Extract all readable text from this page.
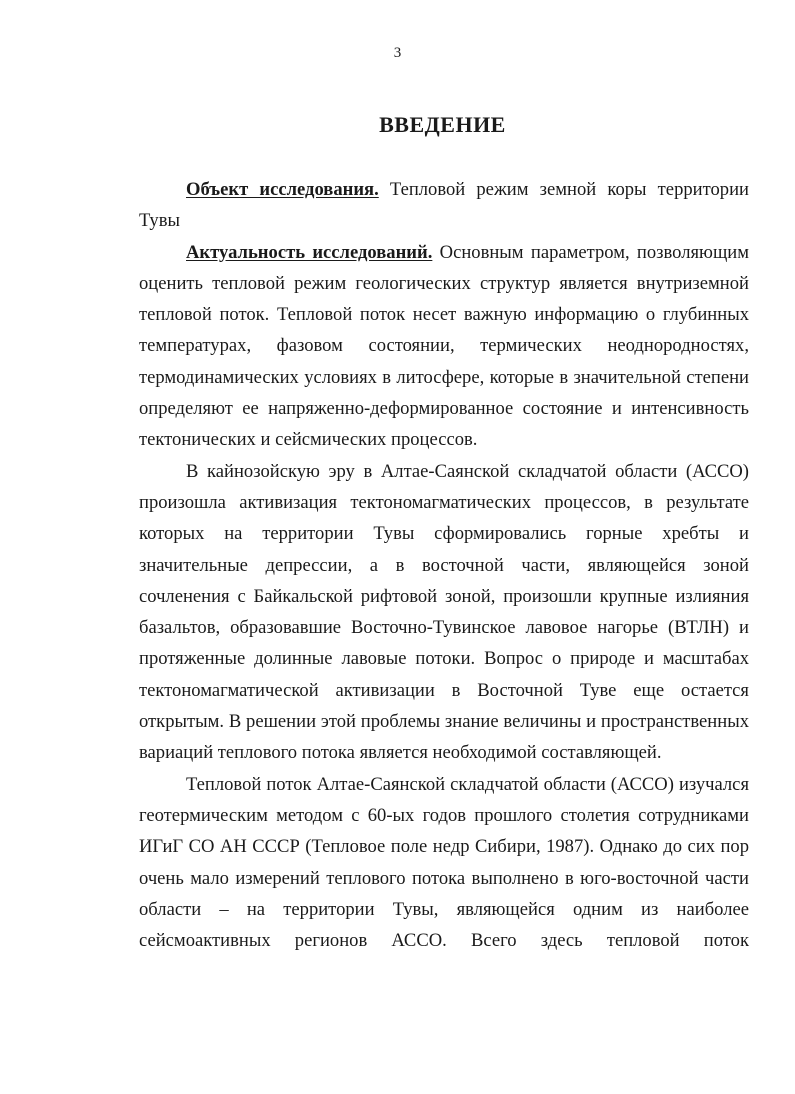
3
ВВЕДЕНИЕ

Объект исследования. Тепловой режим земной коры территории Тувы

Актуальность исследований. Основным параметром, позволяющим оценить тепловой режим геологических структур является внутриземной тепловой поток. Тепловой поток несет важную информацию о глубинных температурах, фазовом состоянии, термических неоднородностях, термодинамических условиях в литосфере, которые в значительной степени определяют ее напряженно-деформированное состояние и интенсивность тектонических и сейсмических процессов.

В кайнозойскую эру в Алтае-Саянской складчатой области (АССО) произошла активизация тектономагматических процессов, в результате которых на территории Тувы сформировались горные хребты и значительные депрессии, а в восточной части, являющейся зоной сочленения с Байкальской рифтовой зоной, произошли крупные излияния базальтов, образовавшие Восточно-Тувинское лавовое нагорье (ВТЛН) и протяженные долинные лавовые потоки. Вопрос о природе и масштабах тектономагматической активизации в Восточной Туве еще остается открытым. В решении этой проблемы знание величины и пространственных вариаций теплового потока является необходимой составляющей.

Тепловой поток Алтае-Саянской складчатой области (АССО) изучался геотермическим методом с 60-ых годов прошлого столетия сотрудниками ИГиГ СО АН СССР (Тепловое поле недр Сибири, 1987). Однако до сих пор очень мало измерений теплового потока выполнено в юго-восточной части области – на территории Тувы, являющейся одним из наиболее сейсмоактивных регионов АССО. Всего здесь тепловой поток
